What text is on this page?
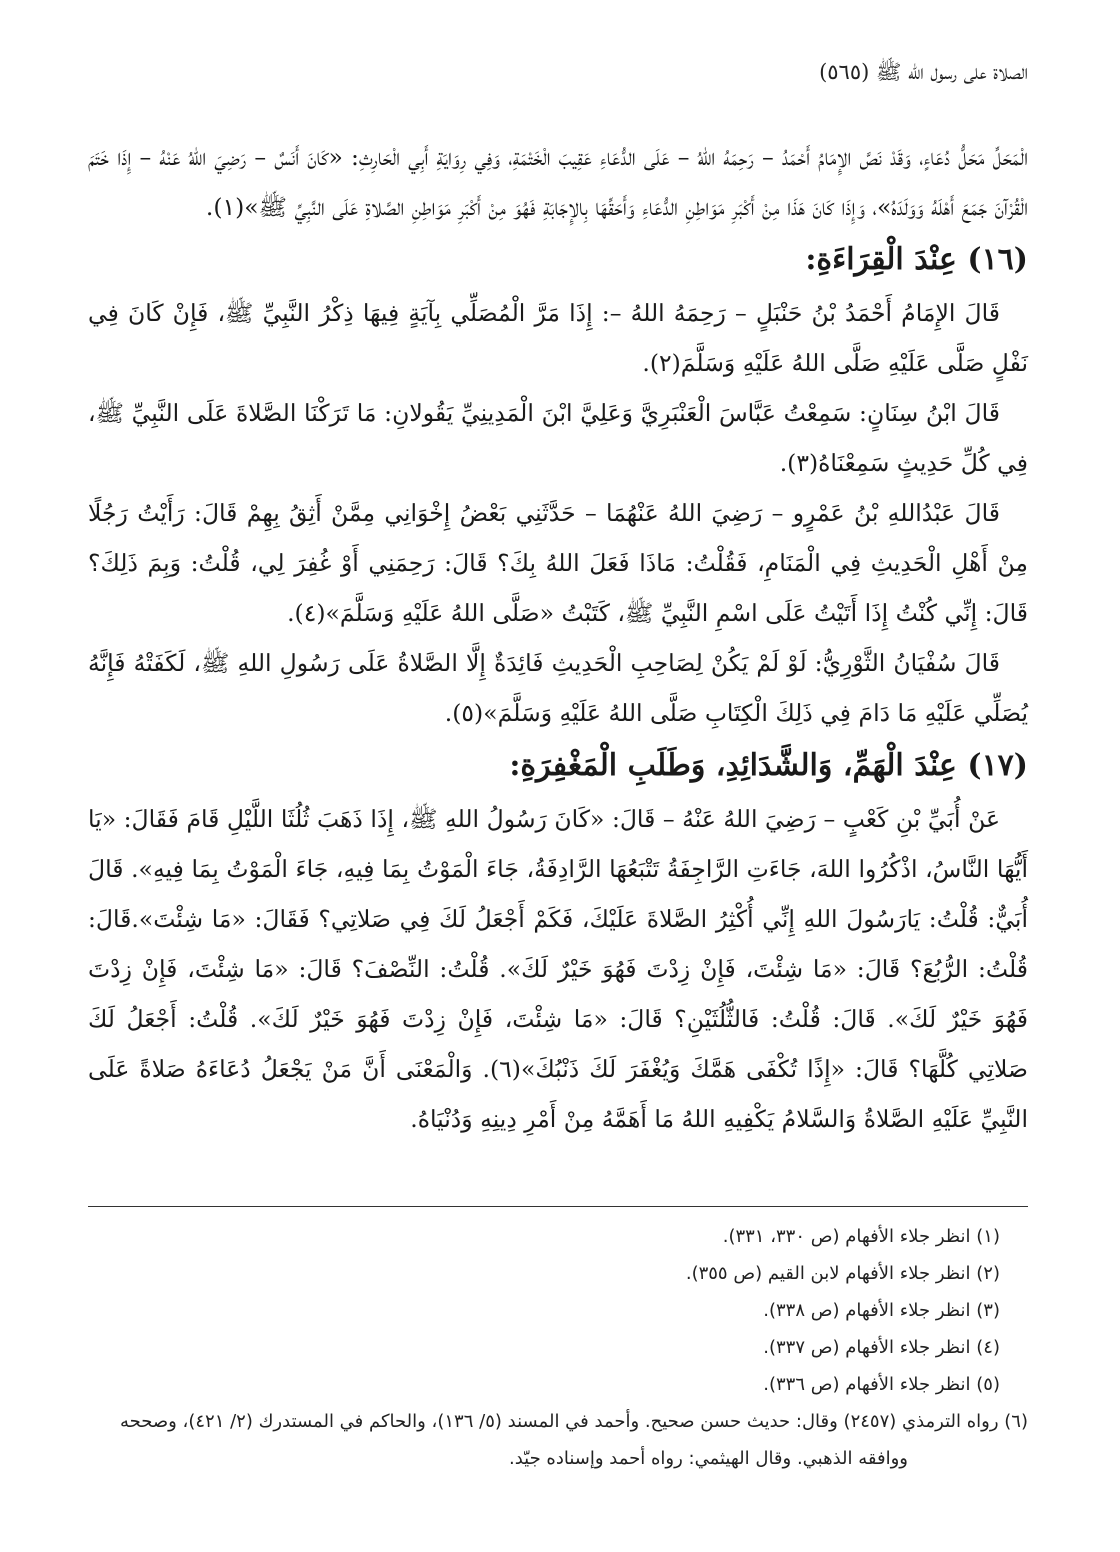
الصلاة على رسول الله ﷺ (٥٦٥)

الْمَحَلِّ مَحَلُّ دُعَاءٍ، وَقَدْ نَصَّ الإِمَامُ أَحْمَدُ – رَحِمَهُ اللهُ – عَلَى الدُّعَاءِ عَقِيبَ الْخَتْمَةِ، وَفِي رِوَايَةِ أَبِي الْحَارِثِ: «كَانَ أَنَسٌ – رَضِيَ اللهُ عَنْهُ – إِذَا خَتَمَ الْقُرْآنَ جَمَعَ أَهْلَهُ وَوَلَدَهُ»، وَإِذَا كَانَ هَذَا مِنْ أَكْبَرِ مَوَاطِنِ الدُّعَاءِ وَأَحَقِّهَا بِالإِجَابَةِ فَهُوَ مِنْ أَكْبَرِ مَوَاطِنِ الصَّلاةِ عَلَى النَّبِيِّ ﷺ»(١).

(١٦) عِنْدَ الْقِرَاءَةِ:

قَالَ الإِمَامُ أَحْمَدُ بْنُ حَنْبَلٍ – رَحِمَهُ اللهُ –: إِذَا مَرَّ الْمُصَلِّي بِآيَةٍ فِيهَا ذِكْرُ النَّبِيِّ ﷺ، فَإِنْ كَانَ فِي نَفْلٍ صَلَّى عَلَيْهِ صَلَّى اللهُ عَلَيْهِ وَسَلَّمَ(٢).

قَالَ ابْنُ سِنَانٍ: سَمِعْتُ عَبَّاسَ الْعَنْبَرِيَّ وَعَلِيَّ ابْنَ الْمَدِينِيِّ يَقُولانِ: مَا تَرَكْنَا الصَّلاةَ عَلَى النَّبِيِّ ﷺ، فِي كُلِّ حَدِيثٍ سَمِعْنَاهُ(٣).

قَالَ عَبْدُاللهِ بْنُ عَمْرٍو – رَضِيَ اللهُ عَنْهُمَا – حَدَّثَنِي بَعْضُ إِخْوَانِي مِمَّنْ أَثِقُ بِهِمْ قَالَ: رَأَيْتُ رَجُلًا مِنْ أَهْلِ الْحَدِيثِ فِي الْمَنَامِ، فَقُلْتُ: مَاذَا فَعَلَ اللهُ بِكَ؟ قَالَ: رَحِمَنِي أَوْ غُفِرَ لِي، قُلْتُ: وَبِمَ ذَلِكَ؟ قَالَ: إِنِّي كُنْتُ إِذَا أَتَيْتُ عَلَى اسْمِ النَّبِيِّ ﷺ، كَتَبْتُ «صَلَّى اللهُ عَلَيْهِ وَسَلَّمَ»(٤).

قَالَ سُفْيَانُ الثَّوْرِيُّ: لَوْ لَمْ يَكُنْ لِصَاحِبِ الْحَدِيثِ فَائِدَةٌ إِلَّا الصَّلاةُ عَلَى رَسُولِ اللهِ ﷺ، لَكَفَتْهُ فَإِنَّهُ يُصَلِّي عَلَيْهِ مَا دَامَ فِي ذَلِكَ الْكِتَابِ صَلَّى اللهُ عَلَيْهِ وَسَلَّمَ»(٥).

(١٧) عِنْدَ الْهَمِّ، وَالشَّدَائِدِ، وَطَلَبِ الْمَغْفِرَةِ:

عَنْ أُبَيِّ بْنِ كَعْبٍ – رَضِيَ اللهُ عَنْهُ – قَالَ: «كَانَ رَسُولُ اللهِ ﷺ، إِذَا ذَهَبَ ثُلُثَا اللَّيْلِ قَامَ فَقَالَ: «يَا أَيُّهَا النَّاسُ، اذْكُرُوا اللهَ، جَاءَتِ الرَّاجِفَةُ تَتْبَعُهَا الرَّادِفَةُ، جَاءَ الْمَوْتُ بِمَا فِيهِ، جَاءَ الْمَوْتُ بِمَا فِيهِ». قَالَ أُبَيٌّ: قُلْتُ: يَارَسُولَ اللهِ إِنِّي أُكْثِرُ الصَّلاةَ عَلَيْكَ، فَكَمْ أَجْعَلُ لَكَ فِي صَلاتِي؟ فَقَالَ: «مَا شِئْتَ».قَالَ: قُلْتُ: الرُّبُعَ؟ قَالَ: «مَا شِئْتَ، فَإِنْ زِدْتَ فَهُوَ خَيْرٌ لَكَ». قُلْتُ: النِّصْفَ؟ قَالَ: «مَا شِئْتَ، فَإِنْ زِدْتَ فَهُوَ خَيْرٌ لَكَ». قَالَ: قُلْتُ: فَالثُّلُثَيْنِ؟ قَالَ: «مَا شِئْتَ، فَإِنْ زِدْتَ فَهُوَ خَيْرٌ لَكَ». قُلْتُ: أَجْعَلُ لَكَ صَلاتِي كُلَّهَا؟ قَالَ: «إِذًا تُكْفَى هَمَّكَ وَيُغْفَرَ لَكَ ذَنْبُكَ»(٦). وَالْمَعْنَى أَنَّ مَنْ يَجْعَلُ دُعَاءَهُ صَلاةً عَلَى النَّبِيِّ عَلَيْهِ الصَّلاةُ وَالسَّلامُ يَكْفِيهِ اللهُ مَا أَهَمَّهُ مِنْ أَمْرِ دِينِهِ وَدُنْيَاهُ.

(١) انظر جلاء الأفهام (ص ٣٣٠، ٣٣١).

(٢) انظر جلاء الأفهام لابن القيم (ص ٣٥٥).

(٣) انظر جلاء الأفهام (ص ٣٣٨).

(٤) انظر جلاء الأفهام (ص ٣٣٧).

(٥) انظر جلاء الأفهام (ص ٣٣٦).

(٦) رواه الترمذي (٢٤٥٧) وقال: حديث حسن صحيح. وأحمد في المسند (٥/ ١٣٦)، والحاكم في المستدرك (٢/ ٤٢١)، وصححه

ووافقه الذهبي. وقال الهيثمي: رواه أحمد وإسناده جيّد.
